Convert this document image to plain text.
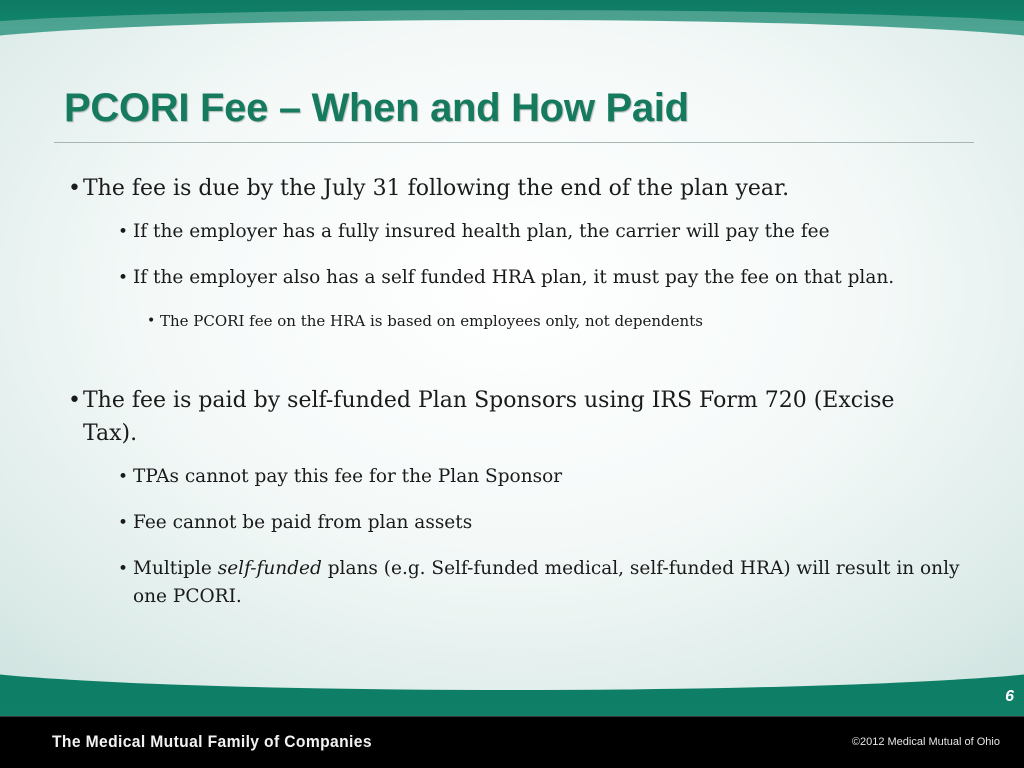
PCORI Fee – When and How Paid
• The fee is due by the July 31 following the end of the plan year.
• If the employer has a fully insured health plan, the carrier will pay the fee
• If the employer also has a self funded HRA plan, it must pay the fee on that plan.
• The PCORI fee on the HRA is based on employees only, not dependents
• The fee is paid by self-funded Plan Sponsors using IRS Form 720 (Excise Tax).
• TPAs cannot pay this fee for the Plan Sponsor
• Fee cannot be paid from plan assets
• Multiple self-funded plans (e.g. Self-funded medical, self-funded HRA) will result in only one PCORI.
6
The Medical Mutual Family of Companies	©2012 Medical Mutual of Ohio
